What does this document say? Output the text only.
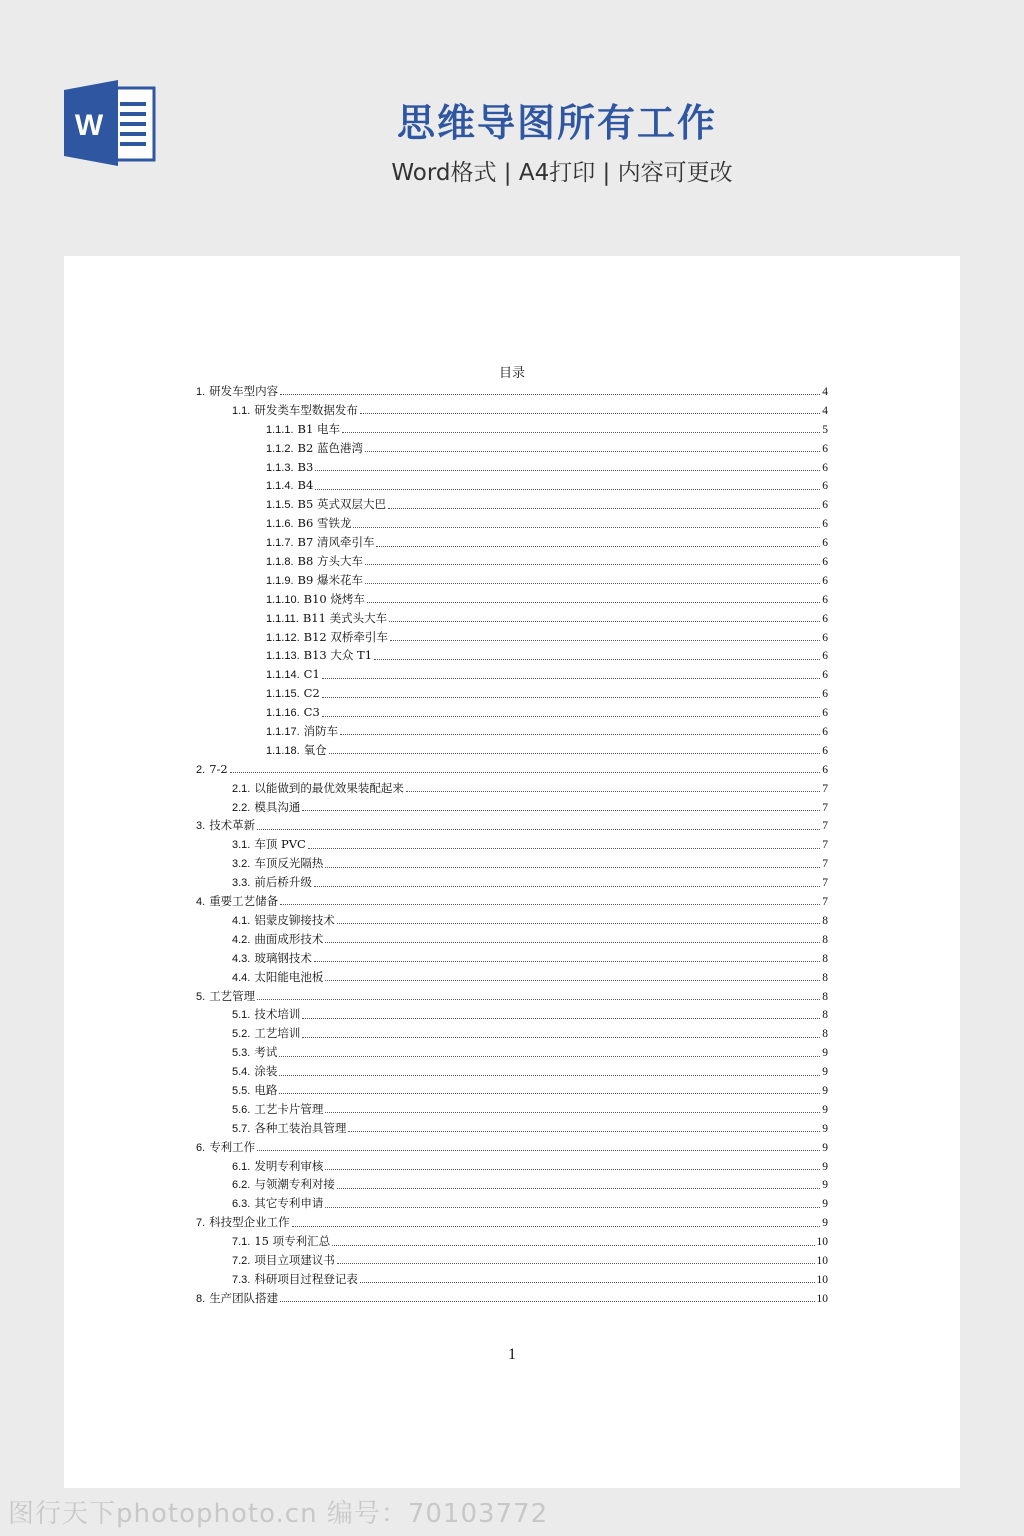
W	思维导图所有工作
Word格式 | A4打印 | 内容可更改
目录
1. 研发车型内容	4
1.1. 研发类车型数据发布	4
1.1.1. B1 电车	5
1.1.2. B2 蓝色港湾	6
1.1.3. B3	6
1.1.4. B4	6
1.1.5. B5 英式双层大巴	6
1.1.6. B6 雪铁龙	6
1.1.7. B7 清风牵引车	6
1.1.8. B8 方头大车	6
1.1.9. B9 爆米花车	6
1.1.10. B10 烧烤车	6
1.1.11. B11 美式头大车	6
1.1.12. B12 双桥牵引车	6
1.1.13. B13 大众 T1	6
1.1.14. C1	6
1.1.15. C2	6
1.1.16. C3	6
1.1.17. 消防车	6
1.1.18. 氧仓	6
2. 7-2	6
2.1. 以能做到的最优效果装配起来	7
2.2. 模具沟通	7
3. 技术革新	7
3.1. 车顶 PVC	7
3.2. 车顶反光隔热	7
3.3. 前后桥升级	7
4. 重要工艺储备	7
4.1. 铝蒙皮铆接技术	8
4.2. 曲面成形技术	8
4.3. 玻璃钢技术	8
4.4. 太阳能电池板	8
5. 工艺管理	8
5.1. 技术培训	8
5.2. 工艺培训	8
5.3. 考试	9
5.4. 涂装	9
5.5. 电路	9
5.6. 工艺卡片管理	9
5.7. 各种工装治具管理	9
6. 专利工作	9
6.1. 发明专利审核	9
6.2. 与领潮专利对接	9
6.3. 其它专利申请	9
7. 科技型企业工作	9
7.1. 15 项专利汇总	10
7.2. 项目立项建议书	10
7.3. 科研项目过程登记表	10
8. 生产团队搭建	10
1
图行天下photophoto.cn 编号：70103772
